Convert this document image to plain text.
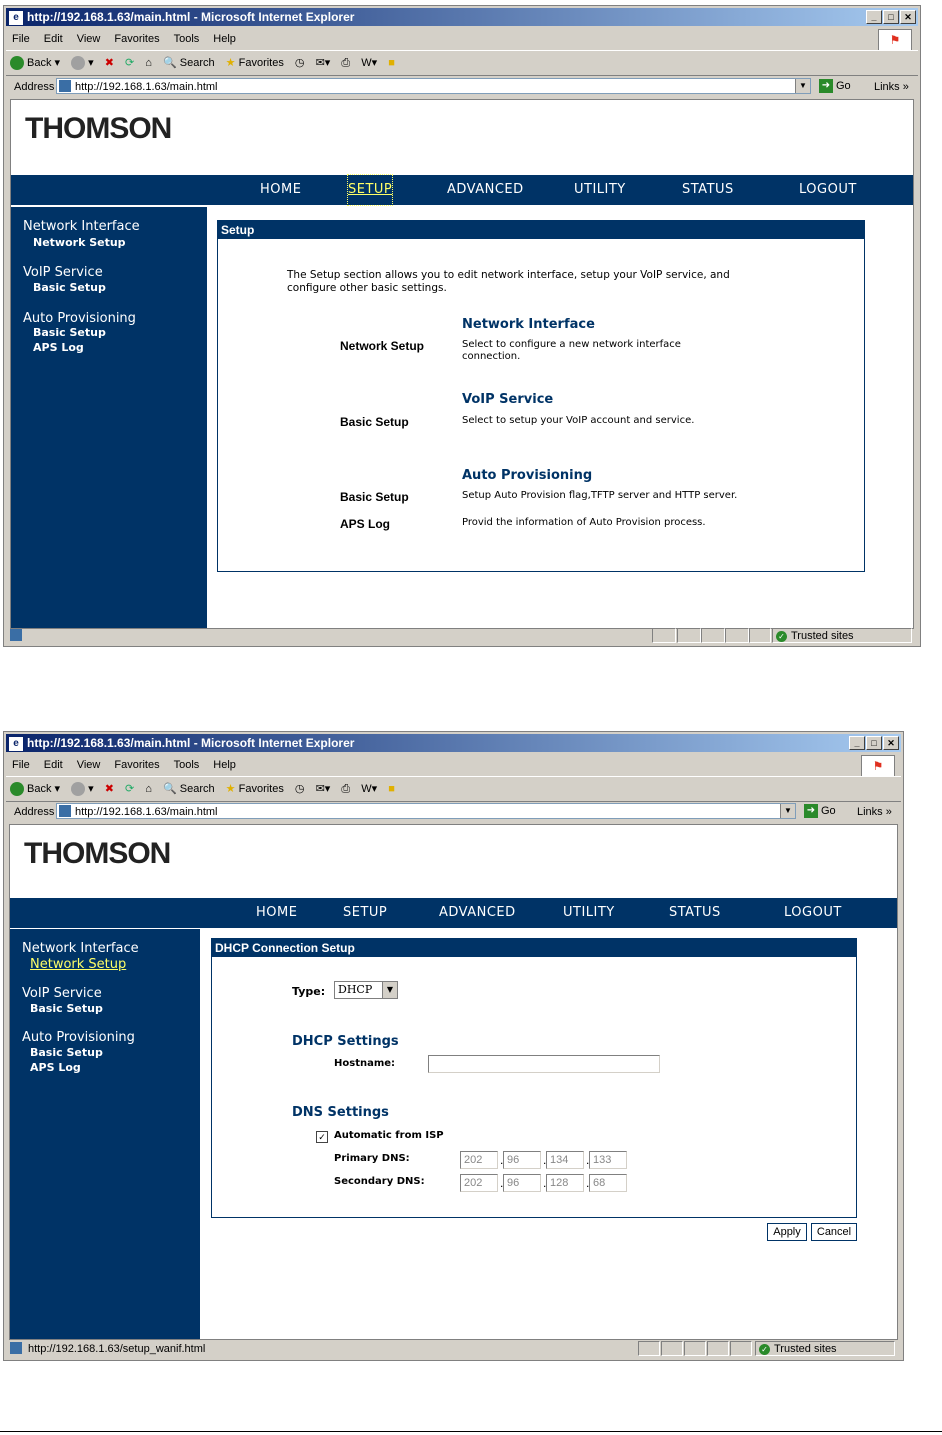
e http://192.168.1.63/main.html - Microsoft Internet Explorer	_ □ ✕
File Edit View Favorites Tools Help	⚑
Back ▾	▾ ✖ ⟳ ⌂ 🔍 Search ★ Favorites ◷ ✉▾ ⎙ W▾ ■
Address	http://192.168.1.63/main.html	▼	➜ Go Links »
THOMSON
HOME	SETUP	ADVANCED	UTILITY	STATUS	LOGOUT
Network Interface
Network Setup
VoIP Service
Basic Setup
Auto Provisioning
Basic Setup
APS Log
Setup
The Setup section allows you to edit network interface, setup your VoIP service, and configure other basic settings.
Network Interface
Network Setup	Select to configure a new network interface connection.
VoIP Service
Basic Setup	Select to setup your VoIP account and service.
Auto Provisioning
Basic Setup	Setup Auto Provision flag,TFTP server and HTTP server.
APS Log	Provid the information of Auto Provision process.
✓ Trusted sites
e http://192.168.1.63/main.html - Microsoft Internet Explorer	_ □ ✕
File Edit View Favorites Tools Help	⚑
Back ▾	▾ ✖ ⟳ ⌂ 🔍 Search ★ Favorites ◷ ✉▾ ⎙ W▾ ■
Address	http://192.168.1.63/main.html	▼	➜ Go Links »
THOMSON
HOME	SETUP	ADVANCED	UTILITY	STATUS	LOGOUT
Network Interface
Network Setup
VoIP Service
Basic Setup
Auto Provisioning
Basic Setup
APS Log
DHCP Connection Setup
Type:	DHCP	▼
DHCP Settings
Hostname:
DNS Settings
✓ Automatic from ISP
Primary DNS:	202	. 96	. 134	. 133
Secondary DNS:	202	. 96	. 128	. 68
Apply	Cancel
http://192.168.1.63/setup_wanif.html	✓ Trusted sites
